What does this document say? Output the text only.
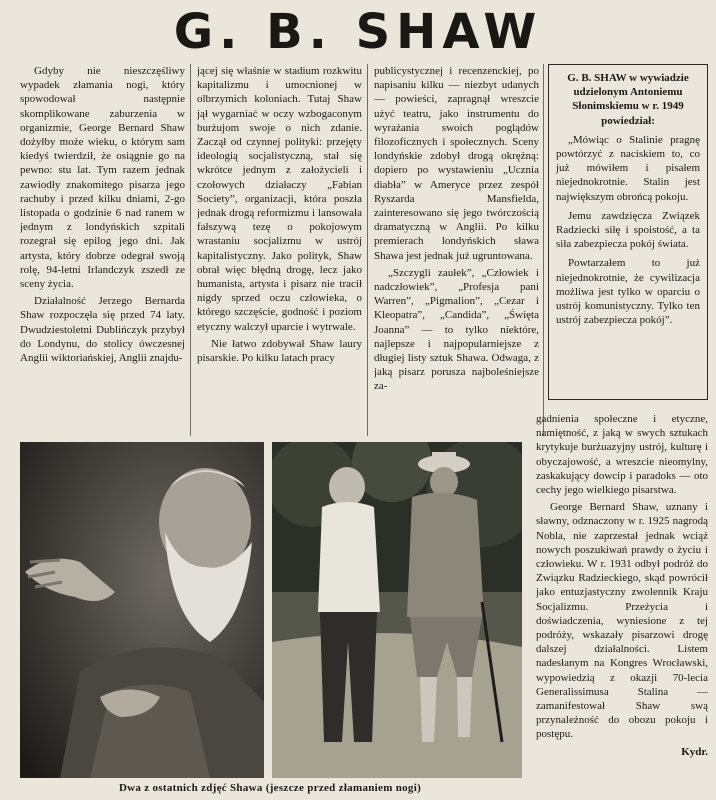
G. B. SHAW

Gdyby nie nieszczęśliwy wypadek złamania nogi, który spowodował następnie skomplikowane zaburzenia w organizmie, George Bernard Shaw dożyłby może wieku, o którym sam kiedyś twierdził, że osiągnie go na pewno: stu lat. Tym razem jednak zawiodły znakomitego pisarza jego rachuby i przed kilku dniami, 2-go listopada o godzinie 6 nad ranem w jednym z londyńskich szpitali rozegrał się epilog jego dni. Jak artysta, który dobrze odegrał swoją rolę, 94-letni Irlandczyk zszedł ze sceny życia.

Działalność Jerzego Bernarda Shaw rozpoczęła się przed 74 laty. Dwudziestoletni Dublińczyk przybył do Londynu, do stolicy ówczesnej Anglii wiktoriańskiej, Anglii znajdu-

jącej się właśnie w stadium rozkwitu kapitalizmu i umocnionej w olbrzymich koloniach. Tutaj Shaw jął wygarniać w oczy wzbogaconym burżujom swoje o nich zdanie. Zaczął od czynnej polityki: przejęty ideologią socjalistyczną, stał się wkrótce jednym z założycieli i czołowych działaczy „Fabian Society”, organizacji, która poszła jednak drogą reformizmu i lansowała fałszywą tezę o pokojowym wrastaniu socjalizmu w ustrój kapitalistyczny. Jako polityk, Shaw obrał więc błędną drogę, lecz jako humanista, artysta i pisarz nie tracił nigdy sprzed oczu człowieka, o którego szczęście, godność i poziom etyczny walczył uparcie i wytrwale.

Nie łatwo zdobywał Shaw laury pisarskie. Po kilku latach pracy

publicystycznej i recenzenckiej, po napisaniu kilku — niezbyt udanych — powieści, zapragnął wreszcie użyć teatru, jako instrumentu do wyrażania swoich poglądów filozoficznych i społecznych. Sceny londyńskie zdobył drogą okrężną: dopiero po wystawieniu „Ucznia diabła” w Ameryce przez zespół Ryszarda Mansfielda, zainteresowano się jego twórczością dramatyczną w Anglii. Po kilku premierach londyńskich sława Shawa jest jednak już ugruntowana.

„Szczygli zaułek”, „Człowiek i nadczłowiek”, „Profesja pani Warren”, „Pigmalion”, „Cezar i Kleopatra”, „Candida”, „Święta Joanna” — to tylko niektóre, najlepsze i najpopularniejsze z długiej listy sztuk Shawa. Odwaga, z jaką pisarz porusza najboleśniejsze za-

G. B. SHAW w wywiadzie udzielonym Antoniemu Słonimskiemu w r. 1949 powiedział:

„Mówiąc o Stalinie pragnę powtórzyć z naciskiem to, co już mówiłem i pisałem niejednokrotnie. Stalin jest największym obrońcą pokoju.

Jemu zawdzięcza Związek Radziecki siłę i spoistość, a ta siła zabezpiecza pokój świata.

Powtarzałem to już niejednokrotnie, że cywilizacja możliwa jest tylko w oparciu o ustrój komunistyczny. Tylko ten ustrój zabezpiecza pokój”.

gadnienia społeczne i etyczne, namiętność, z jaką w swych sztukach krytykuje burżuazyjny ustrój, kulturę i obyczajowość, a wreszcie nieomylny, zaskakujący dowcip i paradoks — oto cechy jego wielkiego pisarstwa.

George Bernard Shaw, uznany i sławny, odznaczony w r. 1925 nagrodą Nobla, nie zaprzestał jednak wciąż nowych poszukiwań prawdy o życiu i człowieku. W r. 1931 odbył podróż do Związku Radzieckiego, skąd powrócił jako entuzjastyczny zwolennik Kraju Socjalizmu. Przeżycia i doświadczenia, wyniesione z tej podróży, wskazały pisarzowi drogę dalszej działalności. Listem nadesłanym na Kongres Wrocławski, wypowiedzią z okazji 70-lecia Generalissimusa Stalina — zamanifestował Shaw swą przynależność do obozu pokoju i postępu.

Kydr.

Dwa z ostatnich zdjęć Shawa (jeszcze przed złamaniem nogi)
